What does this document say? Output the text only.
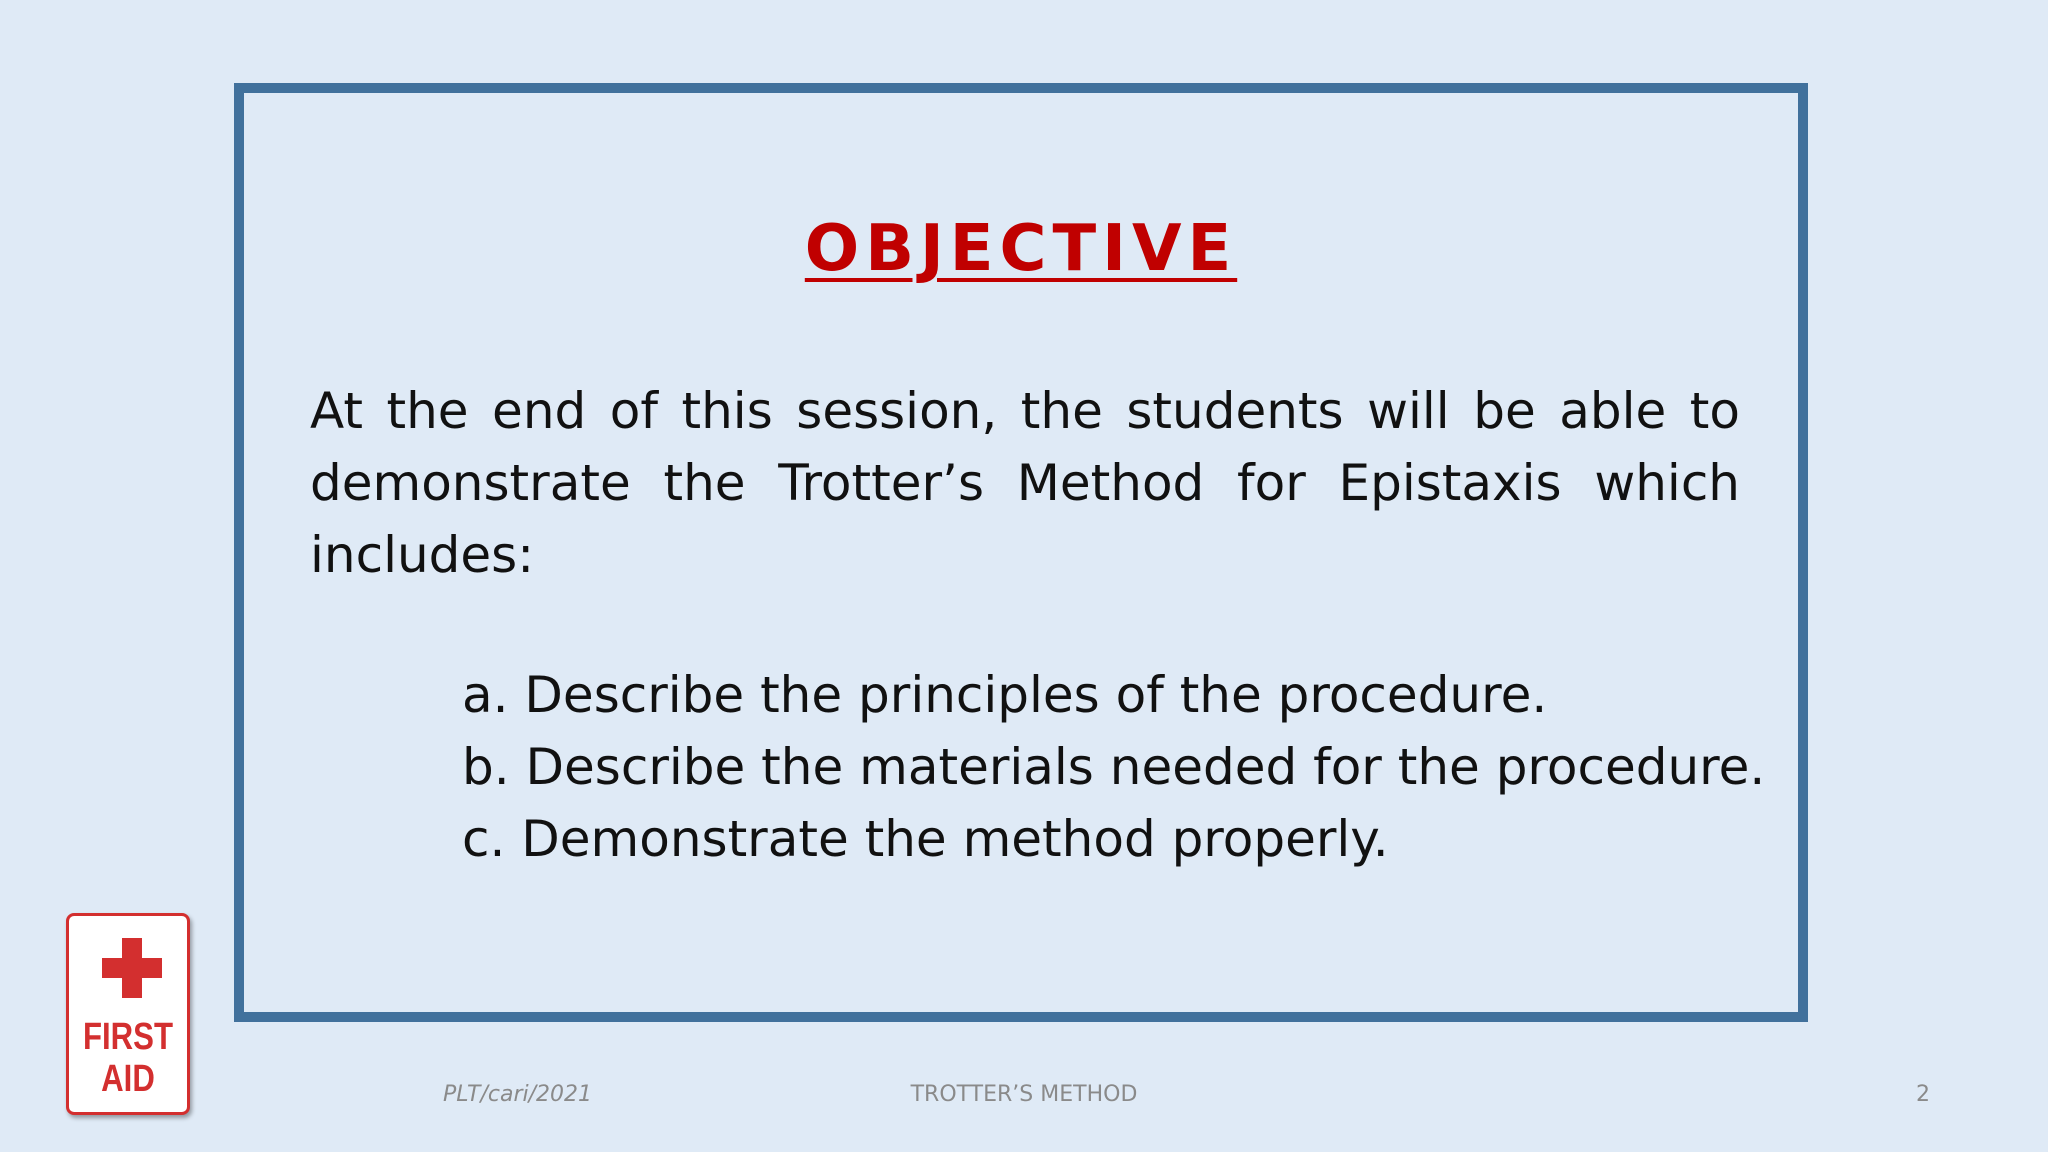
OBJECTIVE

At the end of this session, the students will be able to demonstrate the Trotter’s Method for Epistaxis which includes:

a. Describe the principles of the procedure.
b. Describe the materials needed for the procedure.
c. Demonstrate the method properly.
FIRST
AID	PLT/cari/2021	TROTTER’S METHOD	2
